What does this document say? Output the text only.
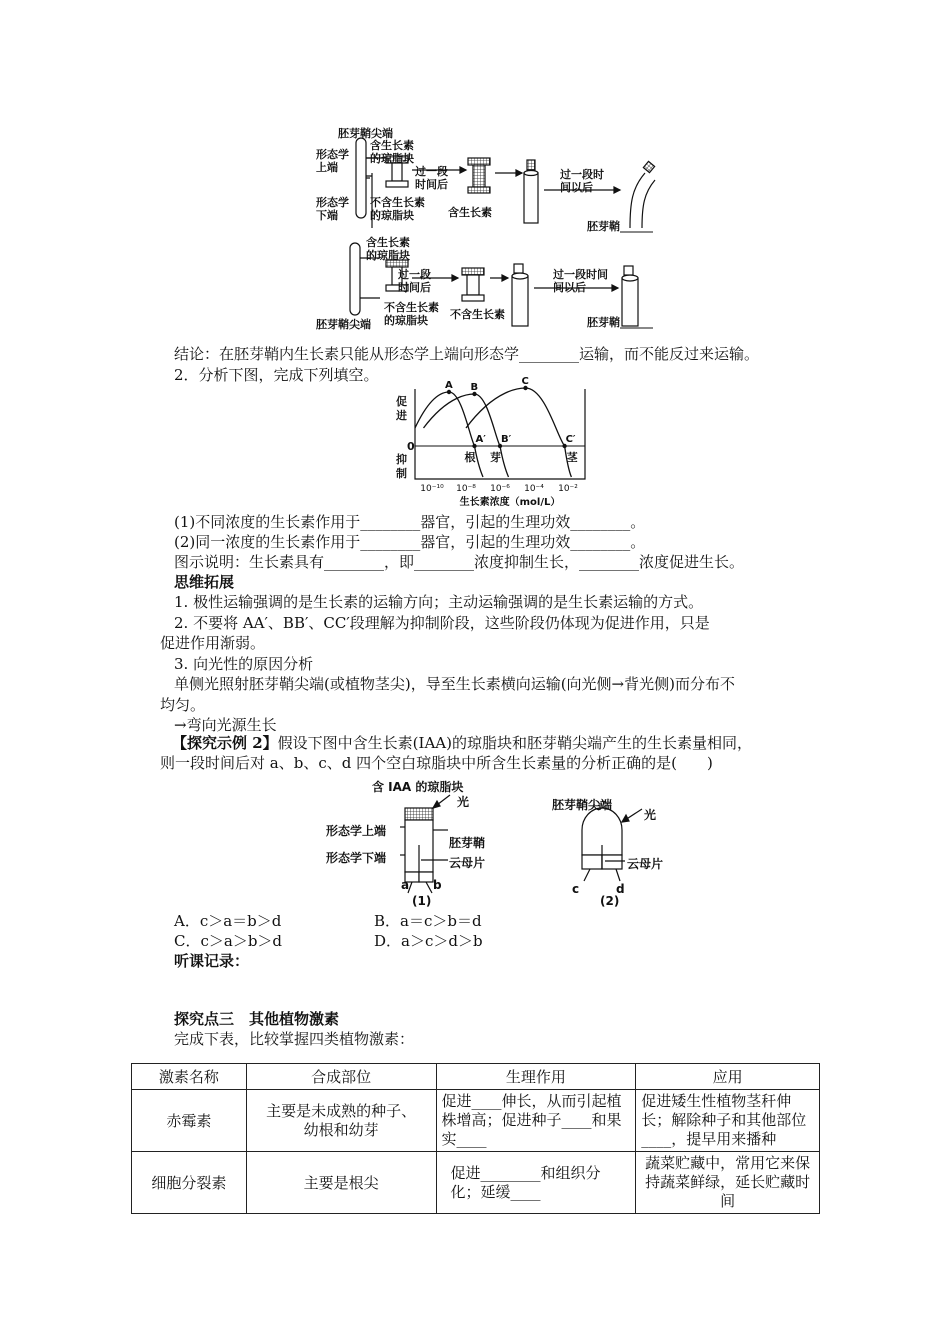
胚芽鞘尖端
含生长素
的琼脂块
形态学
上端
形态学
下端
过一段
时间后
不含生长素
的琼脂块	含生长素
过一段时
间以后
胚芽鞘______
含生长素
的琼脂块
过一段
时间后
不含生长素
的琼脂块	不含生长素
过一段时间
间以后
胚芽鞘尖端	胚芽鞘______
结论：在胚芽鞘内生长素只能从形态学上端向形态学________运输，而不能反过来运输。
2．分析下图，完成下列填空。
促
进
抑
制
0
A
A′
根
B
B′
芽
C
C′
茎
10⁻¹⁰ 10⁻⁸ 10⁻⁶ 10⁻⁴ 10⁻²
生长素浓度（mol/L）
(1)不同浓度的生长素作用于________器官，引起的生理功效________。
(2)同一浓度的生长素作用于________器官，引起的生理功效________。
图示说明：生长素具有________，即________浓度抑制生长，________浓度促进生长。
思维拓展
1. 极性运输强调的是生长素的运输方向；主动运输强调的是生长素运输的方式。
2. 不要将 AA′、BB′、CC′段理解为抑制阶段，这些阶段仍体现为促进作用，只是
促进作用渐弱。
3. 向光性的原因分析
单侧光照射胚芽鞘尖端(或植物茎尖)，导至生长素横向运输(向光侧→背光侧)而分布不
均匀。
→弯向光源生长
【探究示例 2】假设下图中含生长素(IAA)的琼脂块和胚芽鞘尖端产生的生长素量相同，
则一段时间后对 a、b、c、d 四个空白琼脂块中所含生长素量的分析正确的是(　　)
含 IAA 的琼脂块
光
形态学上端
形态学下端
胚芽鞘
云母片
a b
(1)
胚芽鞘尖端
光
云母片
c	d
(2)
A．c＞a＝b＞d	B．a＝c＞b＝d
C．c＞a＞b＞d	D．a＞c＞d＞b
听课记录：
探究点三　其他植物激素
完成下表，比较掌握四类植物激素：
激素名称	合成部位	生理作用	应用
赤霉素	主要是未成熟的种子、幼根和幼芽	促进____伸长，从而引起植株增高；促进种子____和果实____	促进矮生性植物茎秆伸长；解除种子和其他部位____，提早用来播种
细胞分裂素	主要是根尖	促进________和组织分化；延缓____	蔬菜贮藏中，常用它来保持蔬菜鲜绿，延长贮藏时间
